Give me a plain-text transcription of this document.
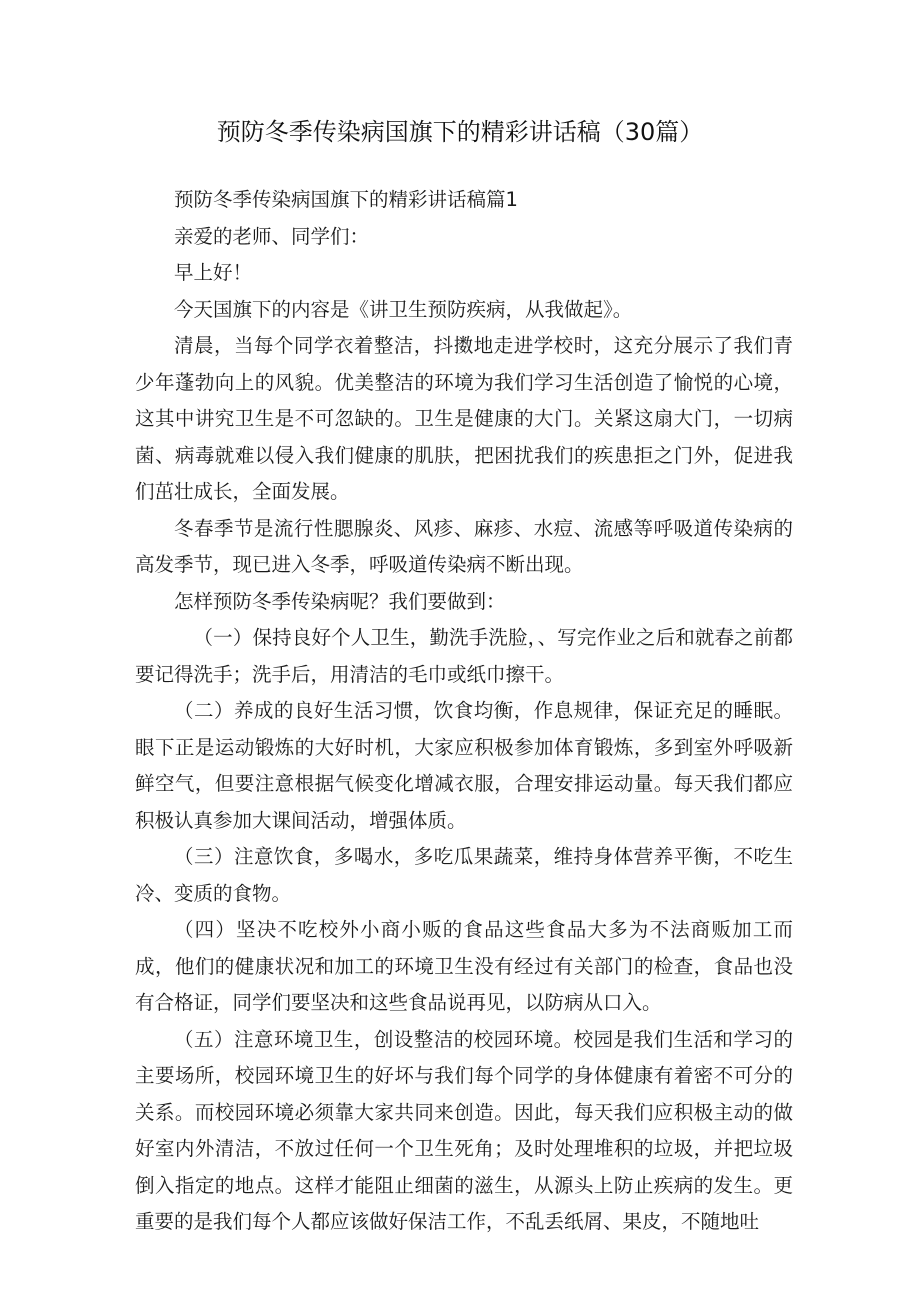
预防冬季传染病国旗下的精彩讲话稿（30篇）

预防冬季传染病国旗下的精彩讲话稿篇1

亲爱的老师、同学们：

早上好！

今天国旗下的内容是《讲卫生预防疾病，从我做起》。

清晨，当每个同学衣着整洁，抖擞地走进学校时，这充分展示了我们青少年蓬勃向上的风貌。优美整洁的环境为我们学习生活创造了愉悦的心境，这其中讲究卫生是不可忽缺的。卫生是健康的大门。关紧这扇大门，一切病菌、病毒就难以侵入我们健康的肌肤，把困扰我们的疾患拒之门外，促进我们茁壮成长，全面发展。

冬春季节是流行性腮腺炎、风疹、麻疹、水痘、流感等呼吸道传染病的高发季节，现已进入冬季，呼吸道传染病不断出现。

怎样预防冬季传染病呢？我们要做到：

（一）保持良好个人卫生，勤洗手洗脸，、写完作业之后和就春之前都要记得洗手；洗手后，用清洁的毛巾或纸巾擦干。

（二）养成的良好生活习惯，饮食均衡，作息规律，保证充足的睡眠。眼下正是运动锻炼的大好时机，大家应积极参加体育锻炼，多到室外呼吸新鲜空气，但要注意根据气候变化增减衣服，合理安排运动量。每天我们都应积极认真参加大课间活动，增强体质。

（三）注意饮食，多喝水，多吃瓜果蔬菜，维持身体营养平衡，不吃生冷、变质的食物。

（四）坚决不吃校外小商小贩的食品这些食品大多为不法商贩加工而成，他们的健康状况和加工的环境卫生没有经过有关部门的检查，食品也没有合格证，同学们要坚决和这些食品说再见，以防病从口入。

（五）注意环境卫生，创设整洁的校园环境。校园是我们生活和学习的主要场所，校园环境卫生的好坏与我们每个同学的身体健康有着密不可分的关系。而校园环境必须靠大家共同来创造。因此，每天我们应积极主动的做好室内外清洁，不放过任何一个卫生死角；及时处理堆积的垃圾，并把垃圾倒入指定的地点。这样才能阻止细菌的滋生，从源头上防止疾病的发生。更重要的是我们每个人都应该做好保洁工作，不乱丢纸屑、果皮，不随地吐
